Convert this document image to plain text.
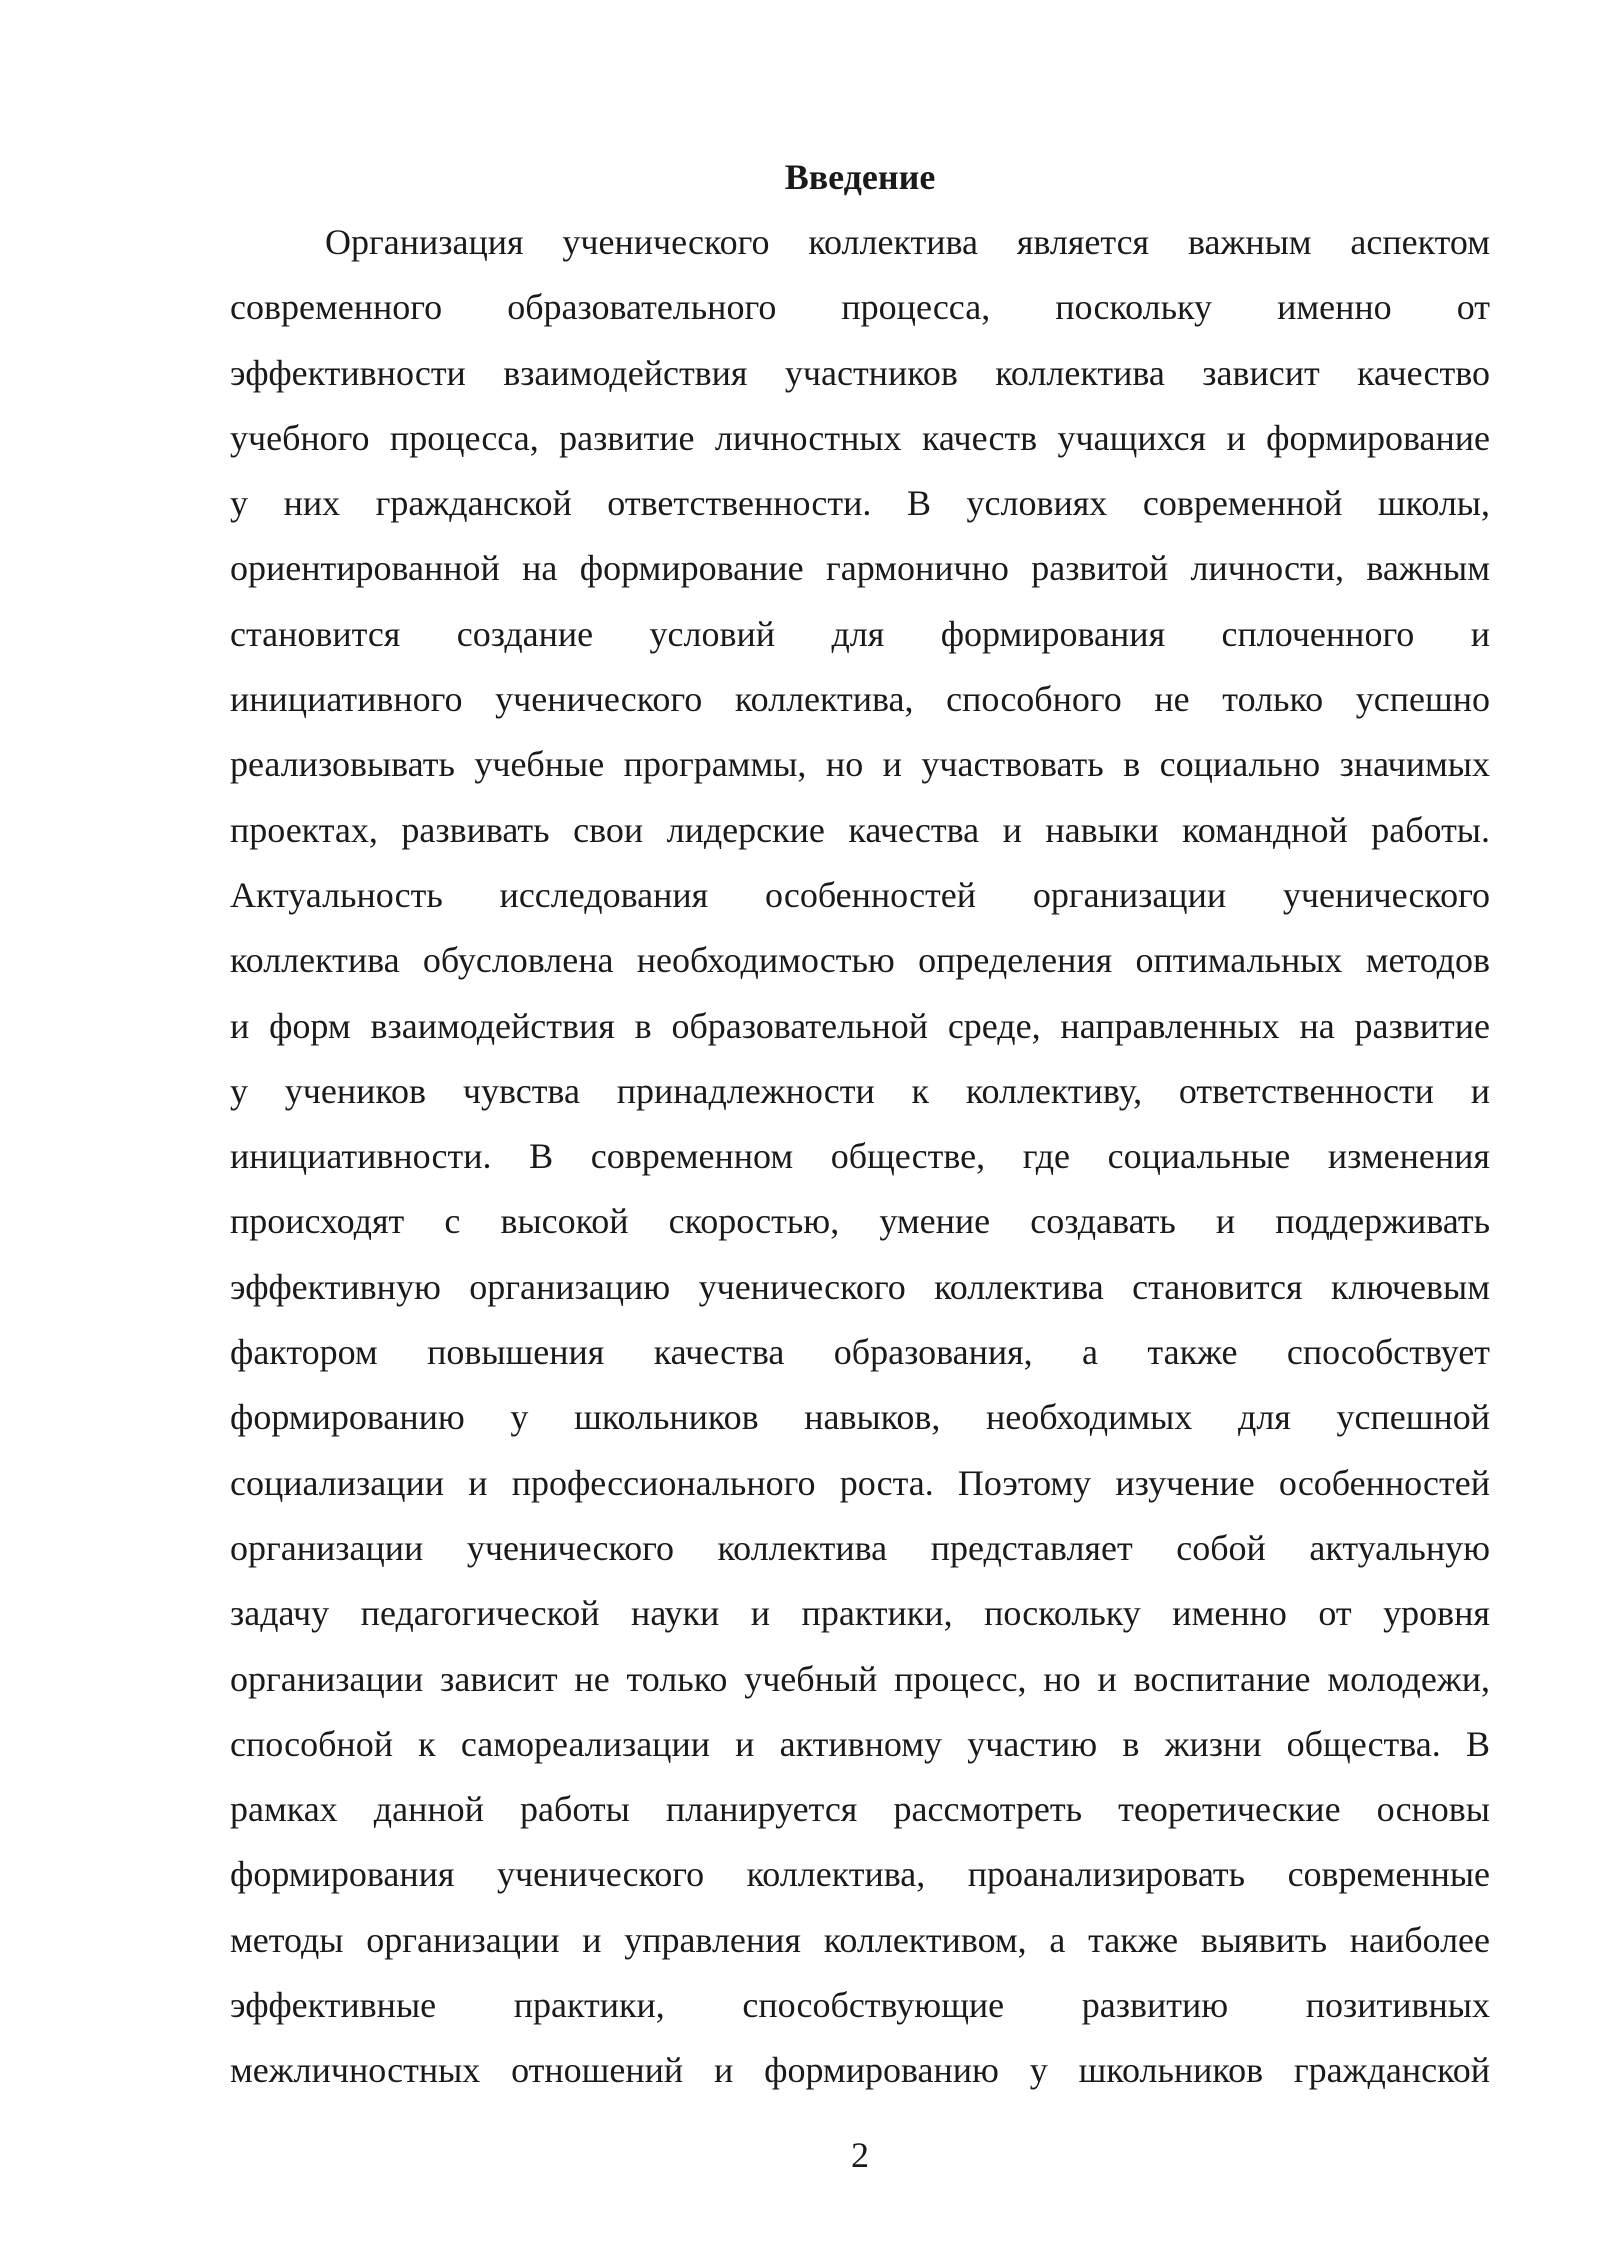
Введение
Организация ученического коллектива является важным аспектом
современного образовательного процесса, поскольку именно от
эффективности взаимодействия участников коллектива зависит качество
учебного процесса, развитие личностных качеств учащихся и формирование
у них гражданской ответственности. В условиях современной школы,
ориентированной на формирование гармонично развитой личности, важным
становится создание условий для формирования сплоченного и
инициативного ученического коллектива, способного не только успешно
реализовывать учебные программы, но и участвовать в социально значимых
проектах, развивать свои лидерские качества и навыки командной работы.
Актуальность исследования особенностей организации ученического
коллектива обусловлена необходимостью определения оптимальных методов
и форм взаимодействия в образовательной среде, направленных на развитие
у учеников чувства принадлежности к коллективу, ответственности и
инициативности. В современном обществе, где социальные изменения
происходят с высокой скоростью, умение создавать и поддерживать
эффективную организацию ученического коллектива становится ключевым
фактором повышения качества образования, а также способствует
формированию у школьников навыков, необходимых для успешной
социализации и профессионального роста. Поэтому изучение особенностей
организации ученического коллектива представляет собой актуальную
задачу педагогической науки и практики, поскольку именно от уровня
организации зависит не только учебный процесс, но и воспитание молодежи,
способной к самореализации и активному участию в жизни общества. В
рамках данной работы планируется рассмотреть теоретические основы
формирования ученического коллектива, проанализировать современные
методы организации и управления коллективом, а также выявить наиболее
эффективные практики, способствующие развитию позитивных
межличностных отношений и формированию у школьников гражданской
2
